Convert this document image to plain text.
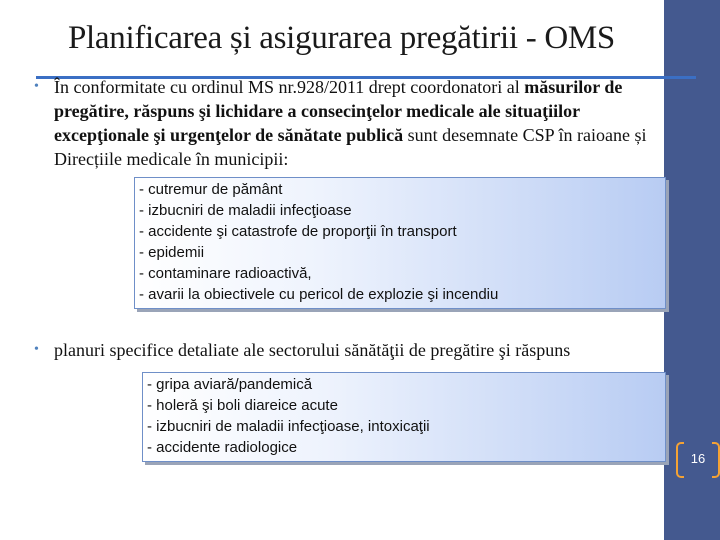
Planificarea și asigurarea pregătirii - OMS
• În conformitate cu ordinul MS nr.928/2011 drept coordonatori al măsurilor de pregătire, răspuns şi lichidare a consecinţelor medicale ale situaţiilor excepţionale şi urgenţelor de sănătate publică sunt desemnate CSP în raioane și Direcțiile medicale în municipii:
- cutremur de pământ
- izbucniri de maladii infecţioase
- accidente şi catastrofe de proporţii în transport
- epidemii
- contaminare radioactivă,
- avarii la obiectivele cu pericol de explozie şi incendiu
• planuri specifice detaliate ale sectorului sănătăţii de pregătire şi răspuns
- gripa aviară/pandemică
- holeră şi boli diareice acute
- izbucniri de maladii infecţioase, intoxicaţii
- accidente radiologice
16
